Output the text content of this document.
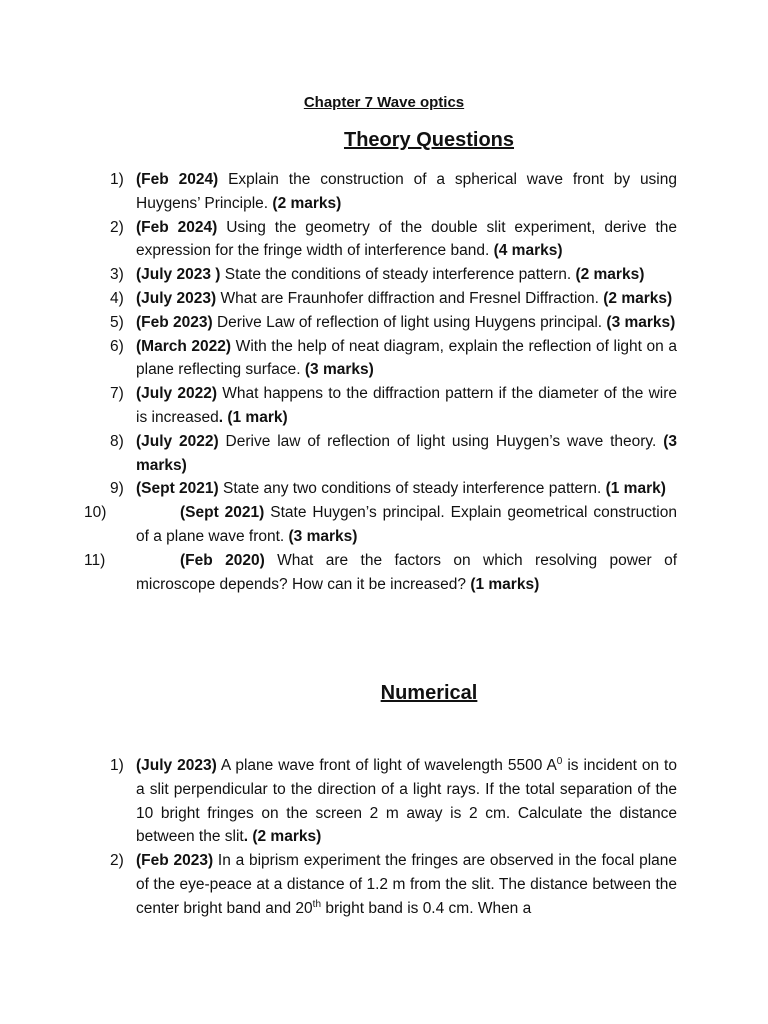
Chapter 7 Wave optics
Theory Questions
1) (Feb 2024) Explain the construction of a spherical wave front by using Huygens’ Principle. (2 marks)
2) (Feb 2024) Using the geometry of the double slit experiment, derive the expression for the fringe width of interference band. (4 marks)
3) (July 2023 ) State the conditions of steady interference pattern. (2 marks)
4) (July 2023) What are Fraunhofer diffraction and Fresnel Diffraction. (2 marks)
5) (Feb 2023) Derive Law of reflection of light using Huygens principal. (3 marks)
6) (March 2022) With the help of neat diagram, explain the reflection of light on a plane reflecting surface. (3 marks)
7) (July 2022) What happens to the diffraction pattern if the diameter of the wire is increased. (1 mark)
8) (July 2022) Derive law of reflection of light using Huygen’s wave theory. (3 marks)
9) (Sept 2021) State any two conditions of steady interference pattern. (1 mark)
10)	(Sept 2021) State Huygen’s principal. Explain geometrical construction of a plane wave front. (3 marks)
11)	(Feb 2020) What are the factors on which resolving power of microscope depends? How can it be increased? (1 marks)
Numerical
1) (July 2023) A plane wave front of light of wavelength 5500 $A^0$ is incident on to a slit perpendicular to the direction of a light rays. If the total separation of the 10 bright fringes on the screen 2 m away is 2 cm. Calculate the distance between the slit. (2 marks)
2) (Feb 2023) In a biprism experiment the fringes are observed in the focal plane of the eye-peace at a distance of 1.2 m from the slit. The distance between the center bright band and 20th bright band is 0.4 cm. When a
